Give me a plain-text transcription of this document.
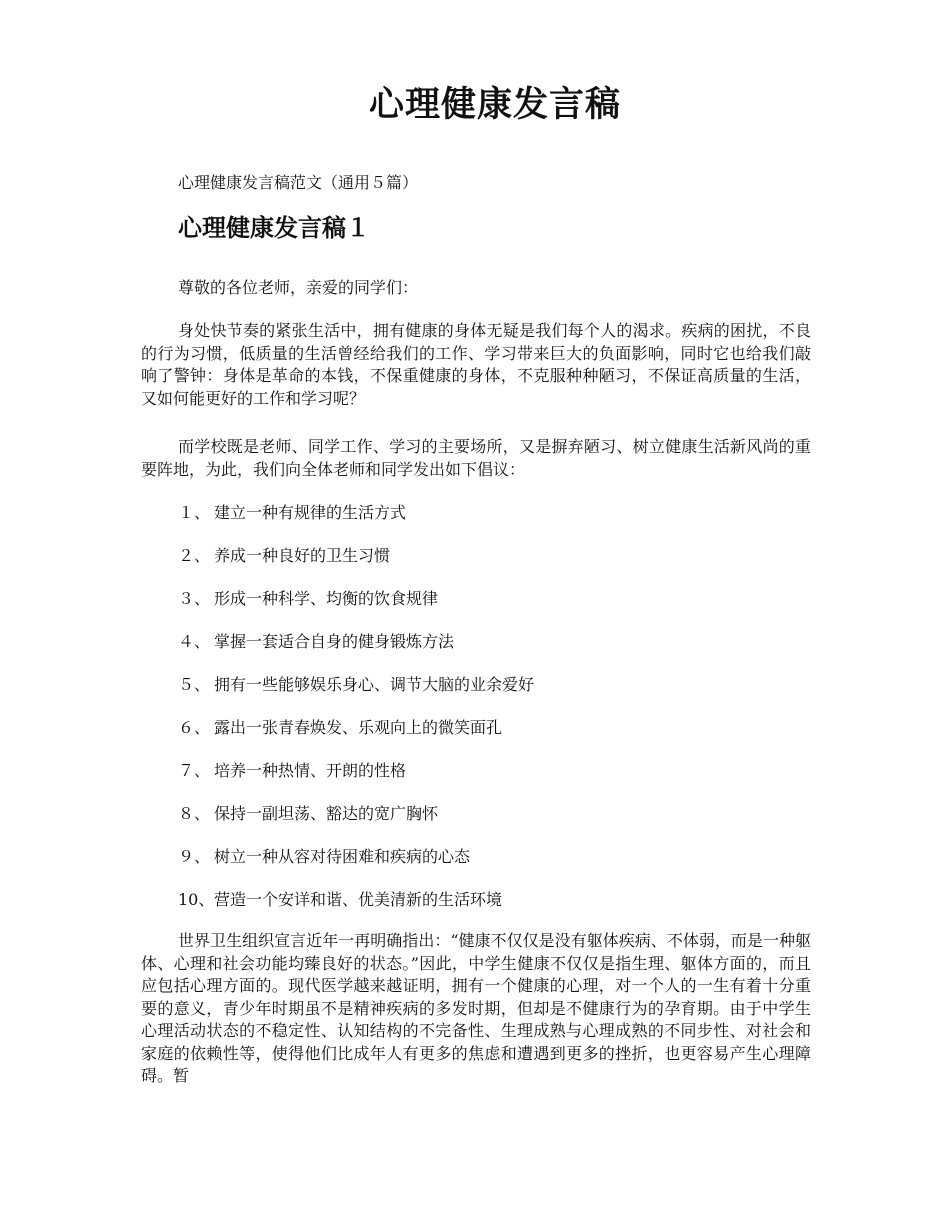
心理健康发言稿

心理健康发言稿范文（通用５篇）

心理健康发言稿１

尊敬的各位老师，亲爱的同学们：

身处快节奏的紧张生活中，拥有健康的身体无疑是我们每个人的渴求。疾病的困扰，不良的行为习惯，低质量的生活曾经给我们的工作、学习带来巨大的负面影响，同时它也给我们敲响了警钟：身体是革命的本钱，不保重健康的身体，不克服种种陋习，不保证高质量的生活，又如何能更好的工作和学习呢？

而学校既是老师、同学工作、学习的主要场所，又是摒弃陋习、树立健康生活新风尚的重要阵地，为此，我们向全体老师和同学发出如下倡议：

１、 建立一种有规律的生活方式
２、 养成一种良好的卫生习惯
３、 形成一种科学、均衡的饮食规律
４、 掌握一套适合自身的健身锻炼方法
５、 拥有一些能够娱乐身心、调节大脑的业余爱好
６、 露出一张青春焕发、乐观向上的微笑面孔
７、 培养一种热情、开朗的性格
８、 保持一副坦荡、豁达的宽广胸怀
９、 树立一种从容对待困难和疾病的心态
10、营造一个安详和谐、优美清新的生活环境

世界卫生组织宣言近年一再明确指出：“健康不仅仅是没有躯体疾病、不体弱，而是一种躯体、心理和社会功能均臻良好的状态。”因此，中学生健康不仅仅是指生理、躯体方面的，而且应包括心理方面的。现代医学越来越证明，拥有一个健康的心理，对一个人的一生有着十分重要的意义，青少年时期虽不是精神疾病的多发时期，但却是不健康行为的孕育期。由于中学生心理活动状态的不稳定性、认知结构的不完备性、生理成熟与心理成熟的不同步性、对社会和家庭的依赖性等，使得他们比成年人有更多的焦虑和遭遇到更多的挫折，也更容易产生心理障碍。暂
